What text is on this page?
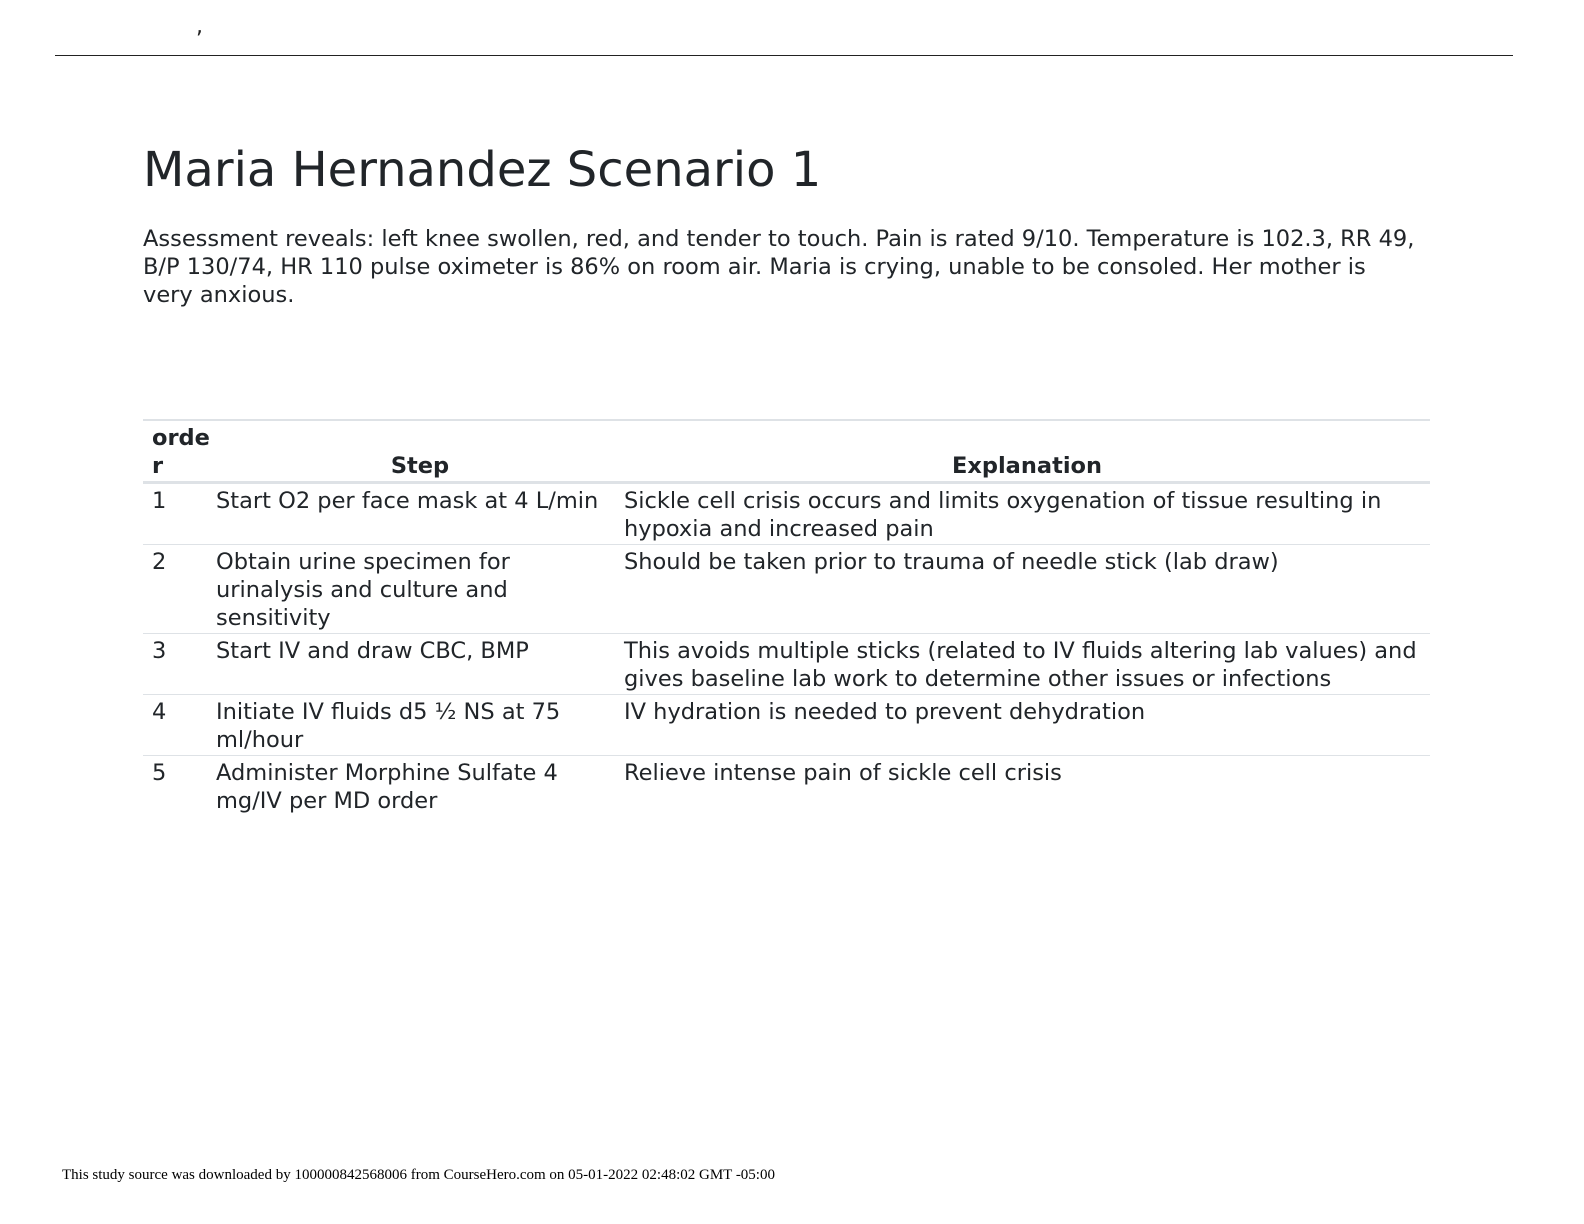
,
Maria Hernandez Scenario 1

Assessment reveals: left knee swollen, red, and tender to touch. Pain is rated 9/10. Temperature is 102.3, RR 49, B/P 130/74, HR 110 pulse oximeter is 86% on room air. Maria is crying, unable to be consoled. Her mother is very anxious.

order	Step	Explanation
1	Start O2 per face mask at 4 L/min	Sickle cell crisis occurs and limits oxygenation of tissue resulting in hypoxia and increased pain
2	Obtain urine specimen for urinalysis and culture and sensitivity	Should be taken prior to trauma of needle stick (lab draw)
3	Start IV and draw CBC, BMP	This avoids multiple sticks (related to IV fluids altering lab values) and gives baseline lab work to determine other issues or infections
4	Initiate IV fluids d5 ½ NS at 75 ml/hour	IV hydration is needed to prevent dehydration
5	Administer Morphine Sulfate 4 mg/IV per MD order	Relieve intense pain of sickle cell crisis
This study source was downloaded by 100000842568006 from CourseHero.com on 05-01-2022 02:48:02 GMT -05:00
